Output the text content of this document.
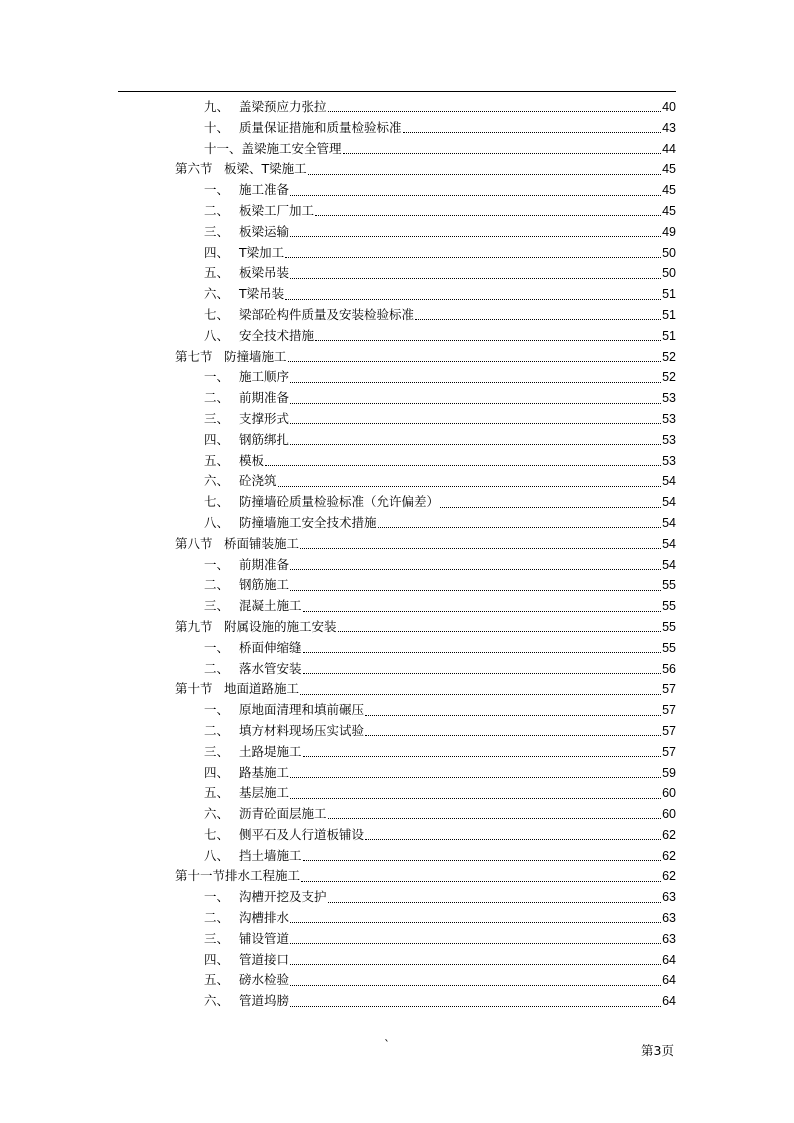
九、 盖梁预应力张拉	40
十、 质量保证措施和质量检验标准	43
十一、 盖梁施工安全管理	44
第六节 板梁、T梁施工	45
一、 施工准备	45
二、 板梁工厂加工	45
三、 板梁运输	49
四、 T梁加工	50
五、 板梁吊装	50
六、 T梁吊装	51
七、 梁部砼构件质量及安装检验标准	51
八、 安全技术措施	51
第七节 防撞墙施工	52
一、 施工顺序	52
二、 前期准备	53
三、 支撑形式	53
四、 钢筋绑扎	53
五、 模板	53
六、 砼浇筑	54
七、 防撞墙砼质量检验标准（允许偏差）	54
八、 防撞墙施工安全技术措施	54
第八节 桥面铺装施工	54
一、 前期准备	54
二、 钢筋施工	55
三、 混凝土施工	55
第九节 附属设施的施工安装	55
一、 桥面伸缩缝	55
二、 落水管安装	56
第十节 地面道路施工	57
一、 原地面清理和填前碾压	57
二、 填方材料现场压实试验	57
三、 土路堤施工	57
四、 路基施工	59
五、 基层施工	60
六、 沥青砼面层施工	60
七、 侧平石及人行道板铺设	62
八、 挡土墙施工	62
第十一节 排水工程施工	62
一、 沟槽开挖及支护	63
二、 沟槽排水	63
三、 铺设管道	63
四、 管道接口	64
五、 磅水检验	64
六、 管道坞膀	64
`	第3页
